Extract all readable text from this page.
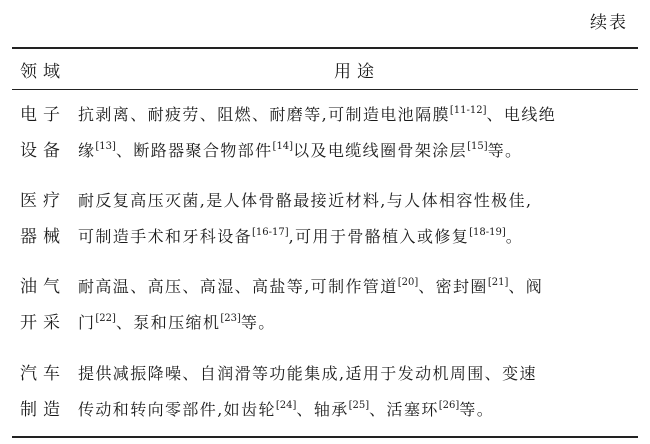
续表
领域	用途
电子
设备
抗剥离、耐疲劳、阻燃、耐磨等,可制造电池隔膜[11-12]、电线绝
缘[13]、断路器聚合物部件[14]以及电缆线圈骨架涂层[15]等。
医疗
器械
耐反复高压灭菌,是人体骨骼最接近材料,与人体相容性极佳,
可制造手术和牙科设备[16-17],可用于骨骼植入或修复[18-19]。
油气
开采
耐高温、高压、高湿、高盐等,可制作管道[20]、密封圈[21]、阀
门[22]、泵和压缩机[23]等。
汽车
制造
提供减振降噪、自润滑等功能集成,适用于发动机周围、变速
传动和转向零部件,如齿轮[24]、轴承[25]、活塞环[26]等。
